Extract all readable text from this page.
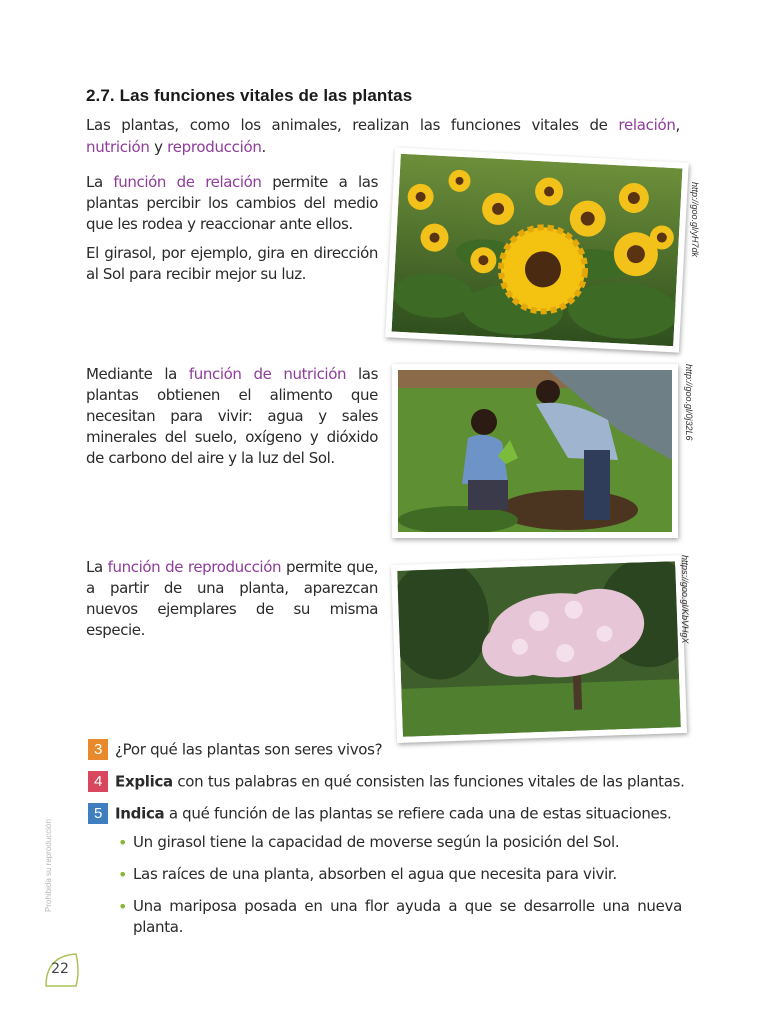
2.7. Las funciones vitales de las plantas
Las plantas, como los animales, realizan las funciones vitales de relación, nutrición y reproducción.

La función de relación permite a las plantas percibir los cambios del medio que les rodea y reaccionar ante ellos.

El girasol, por ejemplo, gira en dirección al Sol para recibir mejor su luz.

http://goo.gl/yH7dk

Mediante la función de nutrición las plantas obtienen el alimento que necesitan para vivir: agua y sales minerales del suelo, oxígeno y dióxido de carbono del aire y la luz del Sol.

http://goo.gl/0j32L6

La función de reproducción permite que, a partir de una planta, aparezcan nuevos ejemplares de su misma especie.	https://goo.gl/KbVHgX
3 ¿Por qué las plantas son seres vivos?
4 Explica con tus palabras en qué consisten las funciones vitales de las plantas.
5 Indica a qué función de las plantas se refiere cada una de estas situaciones.
• Un girasol tiene la capacidad de moverse según la posición del Sol.
• Las raíces de una planta, absorben el agua que necesita para vivir.
• Una mariposa posada en una flor ayuda a que se desarrolle una nueva planta.
Prohibida su reproducción
22
